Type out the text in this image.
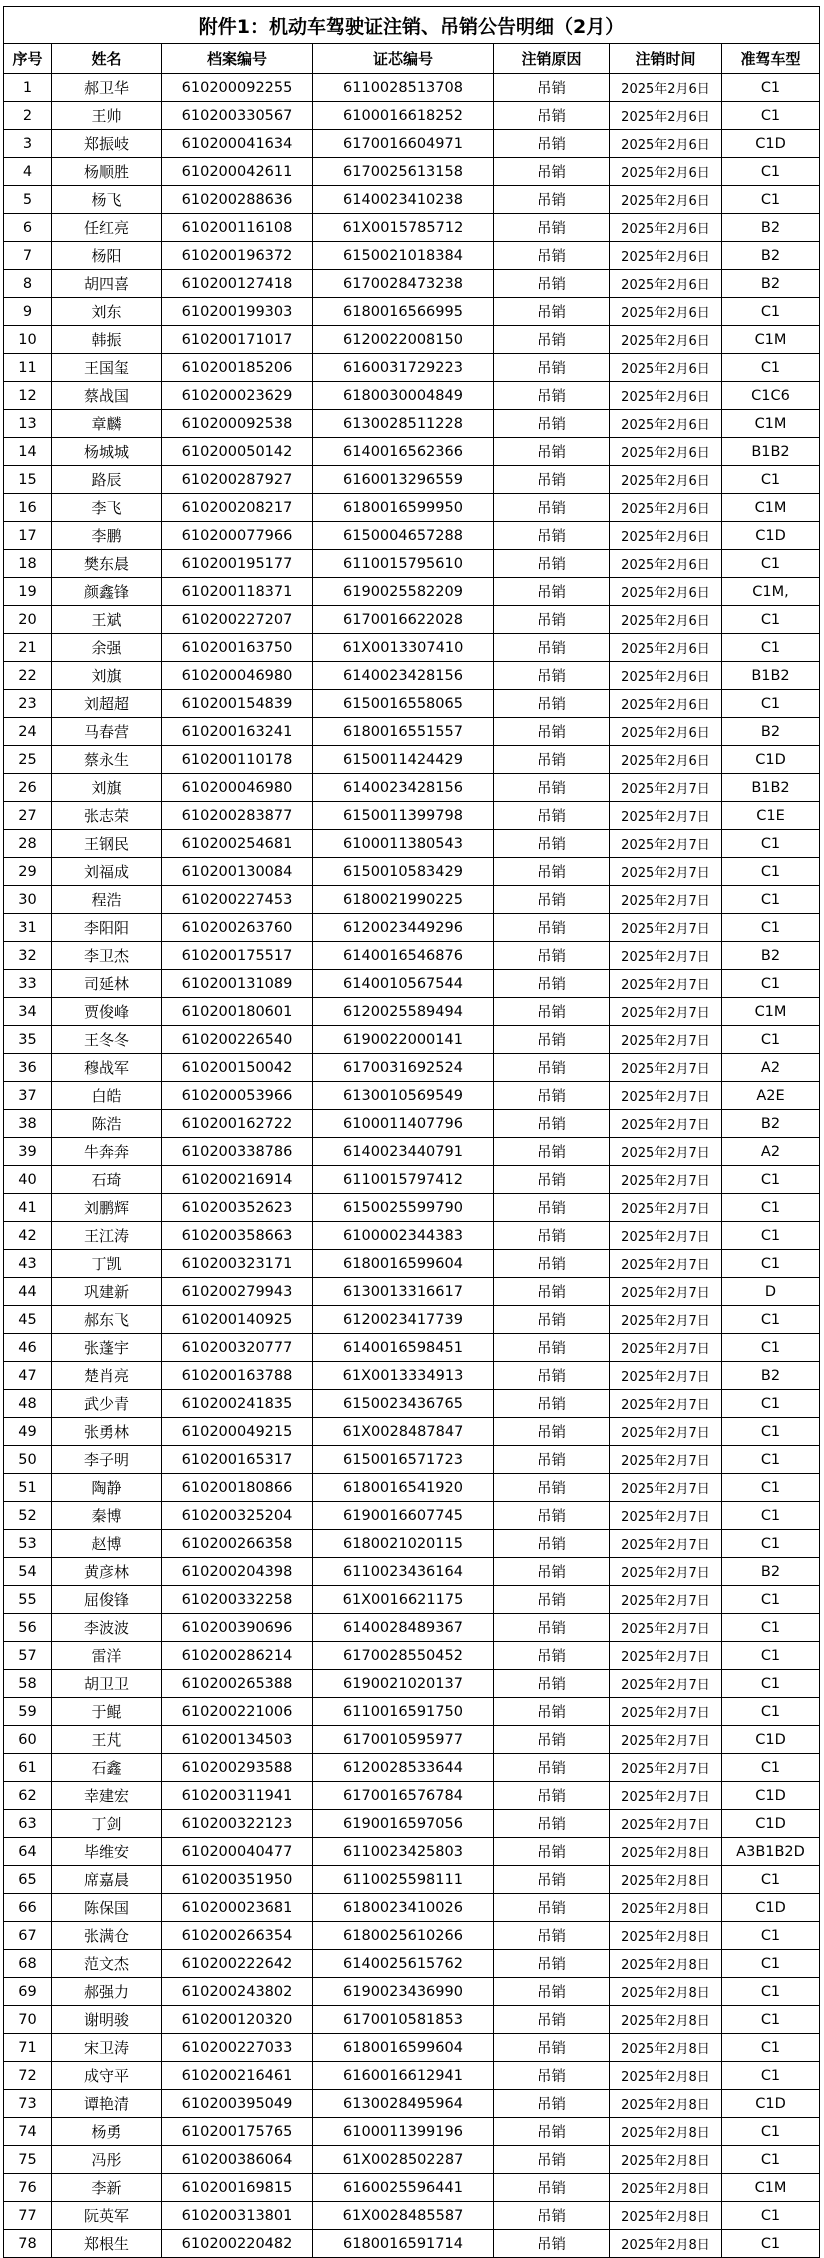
附件1：机动车驾驶证注销、吊销公告明细（2月）						
序号	姓名	档案编号	证芯编号	注销原因	注销时间	准驾车型
1	郝卫华	610200092255	6110028513708	吊销	2025年2月6日	C1
2	王帅	610200330567	6100016618252	吊销	2025年2月6日	C1
3	郑振岐	610200041634	6170016604971	吊销	2025年2月6日	C1D
4	杨顺胜	610200042611	6170025613158	吊销	2025年2月6日	C1
5	杨飞	610200288636	6140023410238	吊销	2025年2月6日	C1
6	任红亮	610200116108	61X0015785712	吊销	2025年2月6日	B2
7	杨阳	610200196372	6150021018384	吊销	2025年2月6日	B2
8	胡四喜	610200127418	6170028473238	吊销	2025年2月6日	B2
9	刘东	610200199303	6180016566995	吊销	2025年2月6日	C1
10	韩振	610200171017	6120022008150	吊销	2025年2月6日	C1M
11	王国玺	610200185206	6160031729223	吊销	2025年2月6日	C1
12	蔡战国	610200023629	6180030004849	吊销	2025年2月6日	C1C6
13	章麟	610200092538	6130028511228	吊销	2025年2月6日	C1M
14	杨城城	610200050142	6140016562366	吊销	2025年2月6日	B1B2
15	路辰	610200287927	6160013296559	吊销	2025年2月6日	C1
16	李飞	610200208217	6180016599950	吊销	2025年2月6日	C1M
17	李鹏	610200077966	6150004657288	吊销	2025年2月6日	C1D
18	樊东晨	610200195177	6110015795610	吊销	2025年2月6日	C1
19	颜鑫锋	610200118371	6190025582209	吊销	2025年2月6日	C1M,
20	王斌	610200227207	6170016622028	吊销	2025年2月6日	C1
21	余强	610200163750	61X0013307410	吊销	2025年2月6日	C1
22	刘旗	610200046980	6140023428156	吊销	2025年2月6日	B1B2
23	刘超超	610200154839	6150016558065	吊销	2025年2月6日	C1
24	马春营	610200163241	6180016551557	吊销	2025年2月6日	B2
25	蔡永生	610200110178	6150011424429	吊销	2025年2月6日	C1D
26	刘旗	610200046980	6140023428156	吊销	2025年2月7日	B1B2
27	张志荣	610200283877	6150011399798	吊销	2025年2月7日	C1E
28	王钢民	610200254681	6100011380543	吊销	2025年2月7日	C1
29	刘福成	610200130084	6150010583429	吊销	2025年2月7日	C1
30	程浩	610200227453	6180021990225	吊销	2025年2月7日	C1
31	李阳阳	610200263760	6120023449296	吊销	2025年2月7日	C1
32	李卫杰	610200175517	6140016546876	吊销	2025年2月7日	B2
33	司延林	610200131089	6140010567544	吊销	2025年2月7日	C1
34	贾俊峰	610200180601	6120025589494	吊销	2025年2月7日	C1M
35	王冬冬	610200226540	6190022000141	吊销	2025年2月7日	C1
36	穆战军	610200150042	6170031692524	吊销	2025年2月7日	A2
37	白皓	610200053966	6130010569549	吊销	2025年2月7日	A2E
38	陈浩	610200162722	6100011407796	吊销	2025年2月7日	B2
39	牛奔奔	610200338786	6140023440791	吊销	2025年2月7日	A2
40	石琦	610200216914	6110015797412	吊销	2025年2月7日	C1
41	刘鹏辉	610200352623	6150025599790	吊销	2025年2月7日	C1
42	王江涛	610200358663	6100002344383	吊销	2025年2月7日	C1
43	丁凯	610200323171	6180016599604	吊销	2025年2月7日	C1
44	巩建新	610200279943	6130013316617	吊销	2025年2月7日	D
45	郝东飞	610200140925	6120023417739	吊销	2025年2月7日	C1
46	张蓬宇	610200320777	6140016598451	吊销	2025年2月7日	C1
47	楚肖亮	610200163788	61X0013334913	吊销	2025年2月7日	B2
48	武少青	610200241835	6150023436765	吊销	2025年2月7日	C1
49	张勇林	610200049215	61X0028487847	吊销	2025年2月7日	C1
50	李子明	610200165317	6150016571723	吊销	2025年2月7日	C1
51	陶静	610200180866	6180016541920	吊销	2025年2月7日	C1
52	秦博	610200325204	6190016607745	吊销	2025年2月7日	C1
53	赵博	610200266358	6180021020115	吊销	2025年2月7日	C1
54	黄彦林	610200204398	6110023436164	吊销	2025年2月7日	B2
55	屈俊锋	610200332258	61X0016621175	吊销	2025年2月7日	C1
56	李波波	610200390696	6140028489367	吊销	2025年2月7日	C1
57	雷洋	610200286214	6170028550452	吊销	2025年2月7日	C1
58	胡卫卫	610200265388	6190021020137	吊销	2025年2月7日	C1
59	于鲲	610200221006	6110016591750	吊销	2025年2月7日	C1
60	王芃	610200134503	6170010595977	吊销	2025年2月7日	C1D
61	石鑫	610200293588	6120028533644	吊销	2025年2月7日	C1
62	幸建宏	610200311941	6170016576784	吊销	2025年2月7日	C1D
63	丁剑	610200322123	6190016597056	吊销	2025年2月7日	C1D
64	毕维安	610200040477	6110023425803	吊销	2025年2月8日	A3B1B2D
65	席嘉晨	610200351950	6110025598111	吊销	2025年2月8日	C1
66	陈保国	610200023681	6180023410026	吊销	2025年2月8日	C1D
67	张满仓	610200266354	6180025610266	吊销	2025年2月8日	C1
68	范文杰	610200222642	6140025615762	吊销	2025年2月8日	C1
69	郝强力	610200243802	6190023436990	吊销	2025年2月8日	C1
70	谢明骏	610200120320	6170010581853	吊销	2025年2月8日	C1
71	宋卫涛	610200227033	6180016599604	吊销	2025年2月8日	C1
72	成守平	610200216461	6160016612941	吊销	2025年2月8日	C1
73	谭艳清	610200395049	6130028495964	吊销	2025年2月8日	C1D
74	杨勇	610200175765	6100011399196	吊销	2025年2月8日	C1
75	冯彤	610200386064	61X0028502287	吊销	2025年2月8日	C1
76	李新	610200169815	6160025596441	吊销	2025年2月8日	C1M
77	阮英军	610200313801	61X0028485587	吊销	2025年2月8日	C1
78	郑根生	610200220482	6180016591714	吊销	2025年2月8日	C1
